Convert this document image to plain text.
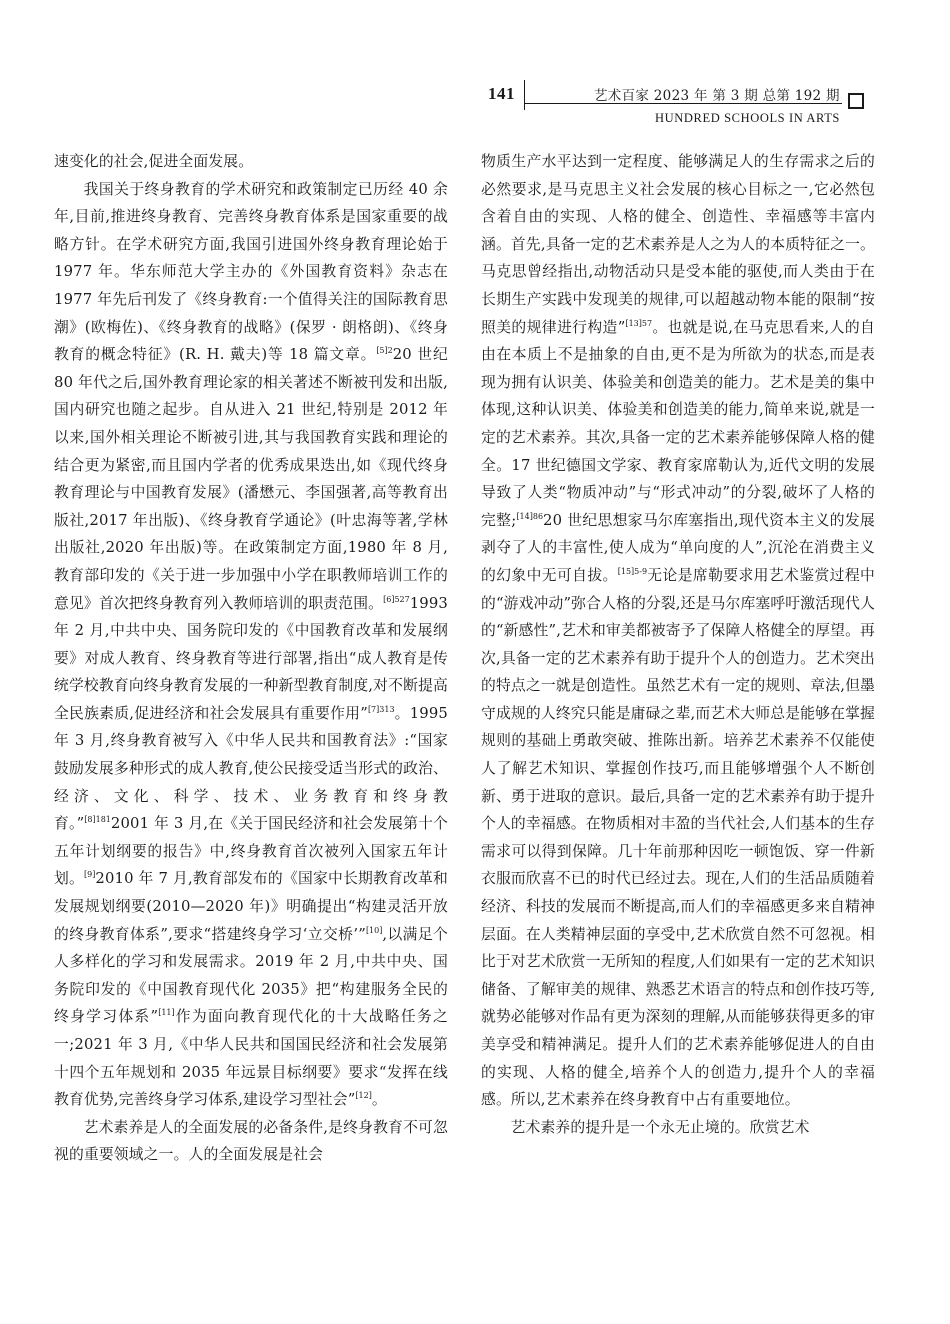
141	艺术百家 2023 年 第 3 期 总第 192 期
HUNDRED SCHOOLS IN ARTS

速变化的社会,促进全面发展。

我国关于终身教育的学术研究和政策制定已历经 40 余年,目前,推进终身教育、完善终身教育体系是国家重要的战略方针。在学术研究方面,我国引进国外终身教育理论始于 1977 年。华东师范大学主办的《外国教育资料》杂志在 1977 年先后刊发了《终身教育:一个值得关注的国际教育思潮》(欧梅佐)、《终身教育的战略》(保罗 · 朗格朗)、《终身教育的概念特征》(R. H. 戴夫)等 18 篇文章。$^{[5]2}$20 世纪 80 年代之后,国外教育理论家的相关著述不断被刊发和出版,国内研究也随之起步。自从进入 21 世纪,特别是 2012 年以来,国外相关理论不断被引进,其与我国教育实践和理论的结合更为紧密,而且国内学者的优秀成果迭出,如《现代终身教育理论与中国教育发展》(潘懋元、李国强著,高等教育出版社,2017 年出版)、《终身教育学通论》(叶忠海等著,学林出版社,2020 年出版)等。在政策制定方面,1980 年 8 月,教育部印发的《关于进一步加强中小学在职教师培训工作的意见》首次把终身教育列入教师培训的职责范围。$^{[6]527}$1993 年 2 月,中共中央、国务院印发的《中国教育改革和发展纲要》对成人教育、终身教育等进行部署,指出“成人教育是传统学校教育向终身教育发展的一种新型教育制度,对不断提高全民族素质,促进经济和社会发展具有重要作用”$^{[7]313}$。1995 年 3 月,终身教育被写入《中华人民共和国教育法》:“国家鼓励发展多种形式的成人教育,使公民接受适当形式的政治、经济、文化、科学、技术、业务教育和终身教育。”$^{[8]181}$2001 年 3 月,在《关于国民经济和社会发展第十个五年计划纲要的报告》中,终身教育首次被列入国家五年计划。[9]2010 年 7 月,教育部发布的《国家中长期教育改革和发展规划纲要(2010—2020 年)》明确提出“构建灵活开放的终身教育体系”,要求“搭建终身学习‘立交桥’”[10],以满足个人多样化的学习和发展需求。2019 年 2 月,中共中央、国务院印发的《中国教育现代化 2035》把“构建服务全民的终身学习体系”[11]作为面向教育现代化的十大战略任务之一;2021 年 3 月,《中华人民共和国国民经济和社会发展第十四个五年规划和 2035 年远景目标纲要》要求“发挥在线教育优势,完善终身学习体系,建设学习型社会”[12]。

艺术素养是人的全面发展的必备条件,是终身教育不可忽视的重要领域之一。人的全面发展是社会

物质生产水平达到一定程度、能够满足人的生存需求之后的必然要求,是马克思主义社会发展的核心目标之一,它必然包含着自由的实现、人格的健全、创造性、幸福感等丰富内涵。首先,具备一定的艺术素养是人之为人的本质特征之一。马克思曾经指出,动物活动只是受本能的驱使,而人类由于在长期生产实践中发现美的规律,可以超越动物本能的限制“按照美的规律进行构造”$^{[13]57}$。也就是说,在马克思看来,人的自由在本质上不是抽象的自由,更不是为所欲为的状态,而是表现为拥有认识美、体验美和创造美的能力。艺术是美的集中体现,这种认识美、体验美和创造美的能力,简单来说,就是一定的艺术素养。其次,具备一定的艺术素养能够保障人格的健全。17 世纪德国文学家、教育家席勒认为,近代文明的发展导致了人类“物质冲动”与“形式冲动”的分裂,破坏了人格的完整;$^{[14]86}$20 世纪思想家马尔库塞指出,现代资本主义的发展剥夺了人的丰富性,使人成为“单向度的人”,沉沦在消费主义的幻象中无可自拔。$^{[15]5-9}$无论是席勒要求用艺术鉴赏过程中的“游戏冲动”弥合人格的分裂,还是马尔库塞呼吁激活现代人的“新感性”,艺术和审美都被寄予了保障人格健全的厚望。再次,具备一定的艺术素养有助于提升个人的创造力。艺术突出的特点之一就是创造性。虽然艺术有一定的规则、章法,但墨守成规的人终究只能是庸碌之辈,而艺术大师总是能够在掌握规则的基础上勇敢突破、推陈出新。培养艺术素养不仅能使人了解艺术知识、掌握创作技巧,而且能够增强个人不断创新、勇于进取的意识。最后,具备一定的艺术素养有助于提升个人的幸福感。在物质相对丰盈的当代社会,人们基本的生存需求可以得到保障。几十年前那种因吃一顿饱饭、穿一件新衣服而欣喜不已的时代已经过去。现在,人们的生活品质随着经济、科技的发展而不断提高,而人们的幸福感更多来自精神层面。在人类精神层面的享受中,艺术欣赏自然不可忽视。相比于对艺术欣赏一无所知的程度,人们如果有一定的艺术知识储备、了解审美的规律、熟悉艺术语言的特点和创作技巧等,就势必能够对作品有更为深刻的理解,从而能够获得更多的审美享受和精神满足。提升人们的艺术素养能够促进人的自由的实现、人格的健全,培养个人的创造力,提升个人的幸福感。所以,艺术素养在终身教育中占有重要地位。

艺术素养的提升是一个永无止境的。欣赏艺术
